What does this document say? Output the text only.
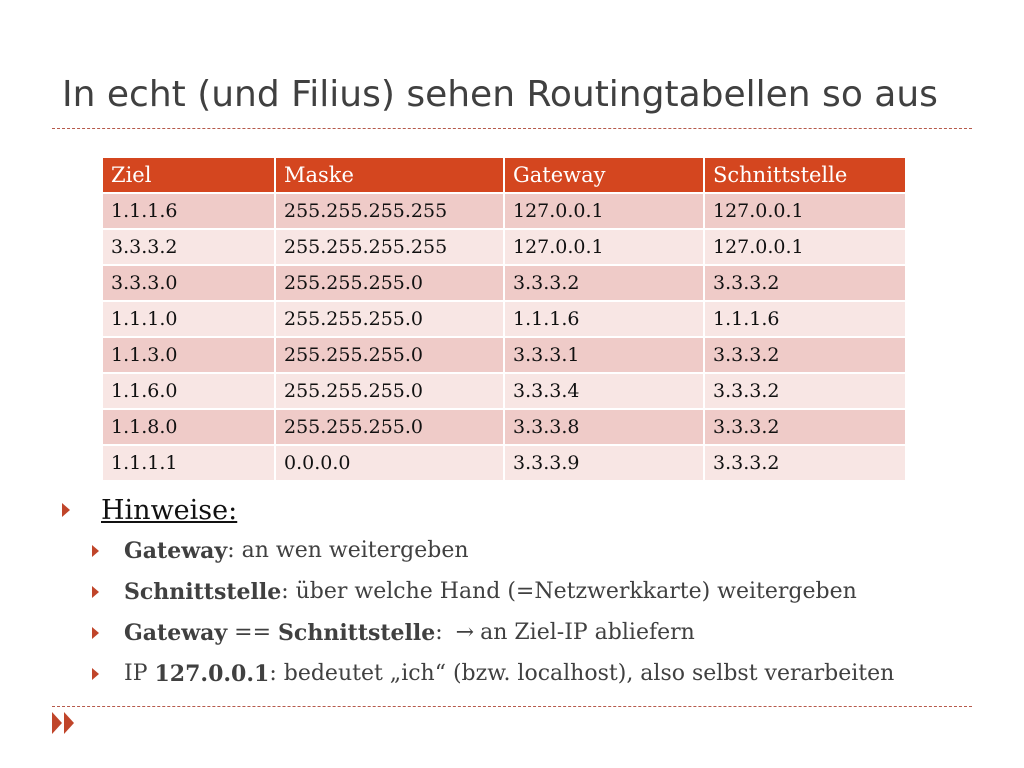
In echt (und Filius) sehen Routingtabellen so aus
Ziel	Maske	Gateway	Schnittstelle
1.1.1.6	255.255.255.255	127.0.0.1	127.0.0.1
3.3.3.2	255.255.255.255	127.0.0.1	127.0.0.1
3.3.3.0	255.255.255.0	3.3.3.2	3.3.3.2
1.1.1.0	255.255.255.0	1.1.1.6	1.1.1.6
1.1.3.0	255.255.255.0	3.3.3.1	3.3.3.2
1.1.6.0	255.255.255.0	3.3.3.4	3.3.3.2
1.1.8.0	255.255.255.0	3.3.3.8	3.3.3.2
1.1.1.1	0.0.0.0	3.3.3.9	3.3.3.2
Hinweise:
Gateway : an wen weitergeben
Schnittstelle : über welche Hand (=Netzwerkkarte) weitergeben
Gateway == Schnittstelle : → an Ziel-IP abliefern
IP 127.0.0.1 : bedeutet „ich“ (bzw. localhost), also selbst verarbeiten
